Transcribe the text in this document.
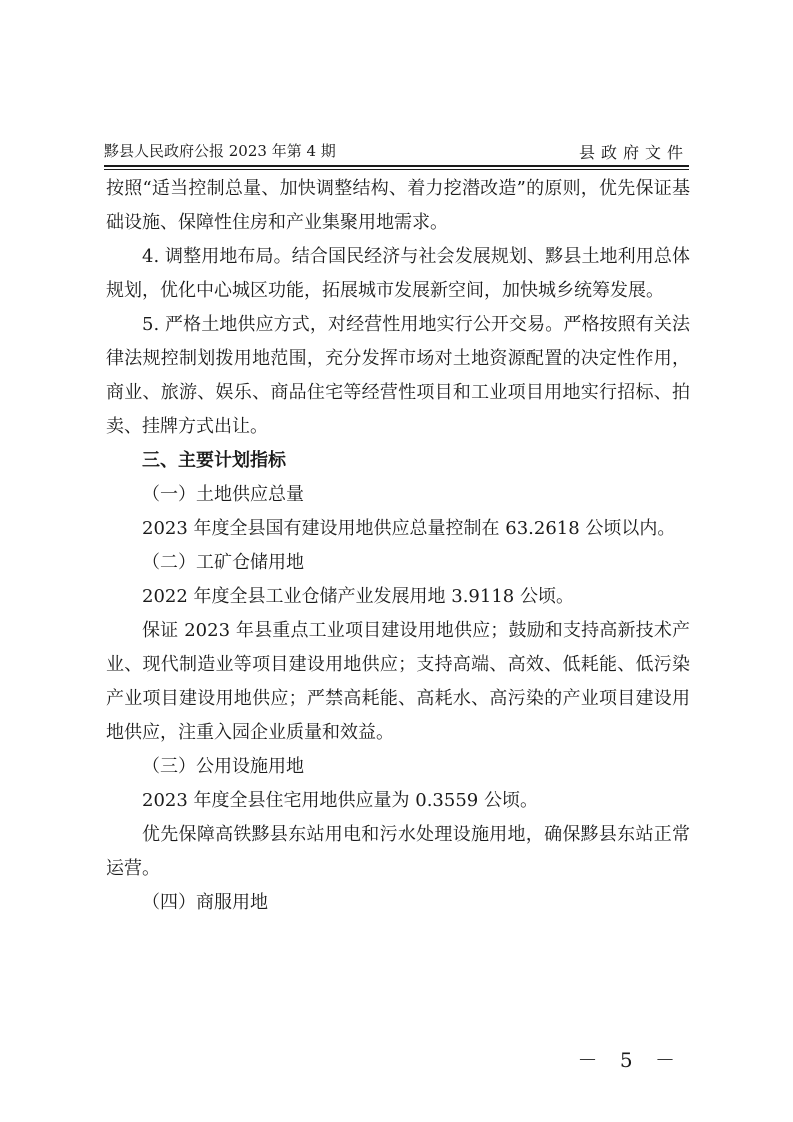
黟县人民政府公报 2023 年第 4 期	县政府文件

按照“适当控制总量、加快调整结构、着力挖潜改造”的原则，优先保证基础设施、保障性住房和产业集聚用地需求。

4. 调整用地布局。结合国民经济与社会发展规划、黟县土地利用总体规划，优化中心城区功能，拓展城市发展新空间，加快城乡统筹发展。

5. 严格土地供应方式，对经营性用地实行公开交易。严格按照有关法律法规控制划拨用地范围，充分发挥市场对土地资源配置的决定性作用，商业、旅游、娱乐、商品住宅等经营性项目和工业项目用地实行招标、拍卖、挂牌方式出让。

三、主要计划指标

（一）土地供应总量

2023 年度全县国有建设用地供应总量控制在 63.2618 公顷以内。

（二）工矿仓储用地

2022 年度全县工业仓储产业发展用地 3.9118 公顷。

保证 2023 年县重点工业项目建设用地供应；鼓励和支持高新技术产业、现代制造业等项目建设用地供应；支持高端、高效、低耗能、低污染产业项目建设用地供应；严禁高耗能、高耗水、高污染的产业项目建设用地供应，注重入园企业质量和效益。

（三）公用设施用地

2023 年度全县住宅用地供应量为 0.3559 公顷。

优先保障高铁黟县东站用电和污水处理设施用地，确保黟县东站正常运营。

（四）商服用地

－ 5 －
